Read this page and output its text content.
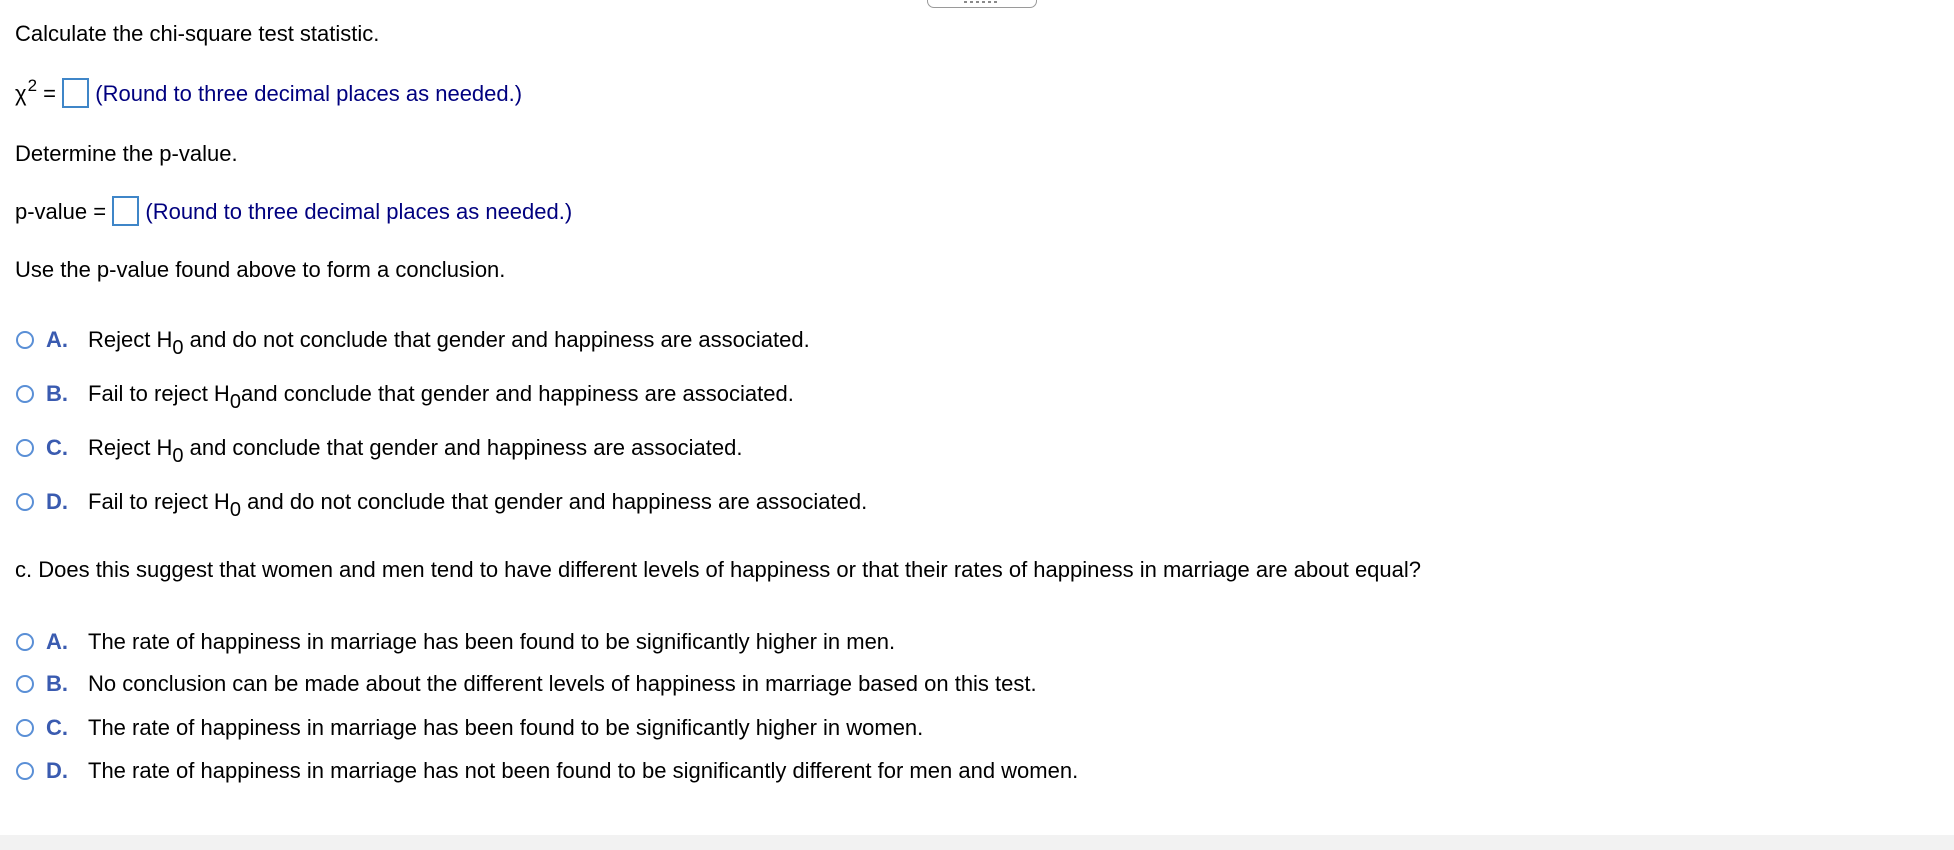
Calculate the chi-square test statistic.
$\chi^2$ = (Round to three decimal places as needed.)
Determine the p-value.
p-value = (Round to three decimal places as needed.)
Use the p-value found above to form a conclusion.
A. Reject H0 and do not conclude that gender and happiness are associated.
B. Fail to reject H0and conclude that gender and happiness are associated.
C. Reject H0 and conclude that gender and happiness are associated.
D. Fail to reject H0 and do not conclude that gender and happiness are associated.
c. Does this suggest that women and men tend to have different levels of happiness or that their rates of happiness in marriage are about equal?
A. The rate of happiness in marriage has been found to be significantly higher in men.
B. No conclusion can be made about the different levels of happiness in marriage based on this test.
C. The rate of happiness in marriage has been found to be significantly higher in women.
D. The rate of happiness in marriage has not been found to be significantly different for men and women.
